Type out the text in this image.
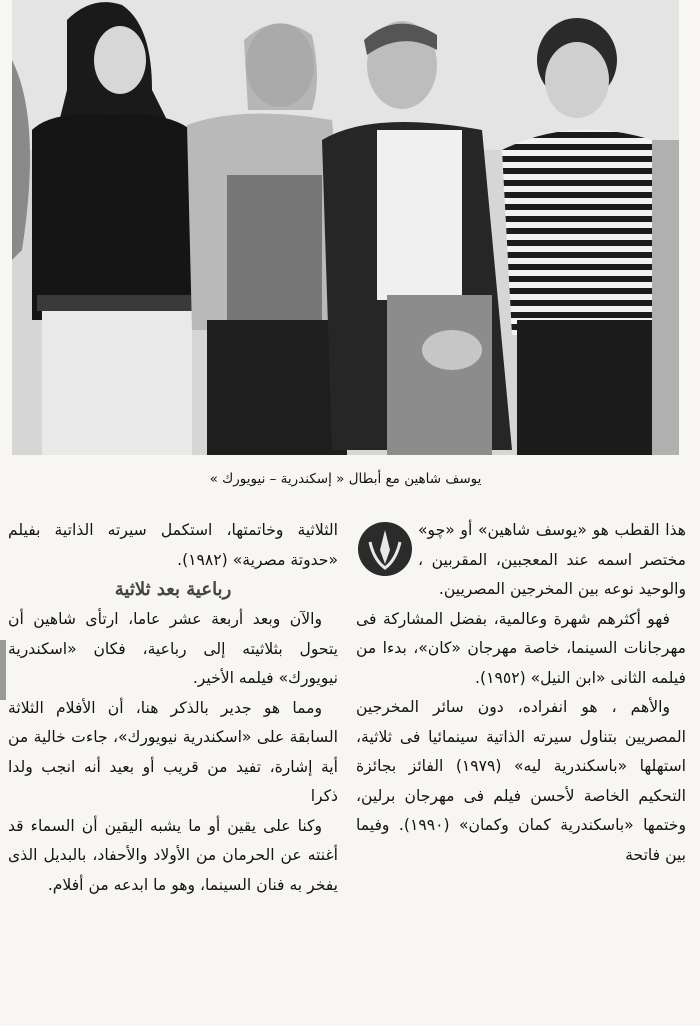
يوسف شاهين مع أبطال « إسكندرية – نيويورك »

هذا القطب هو «يوسف شاهين» أو «چو» مختصر اسمه عند المعجبين، المقربين ، والوحيد نوعه بين المخرجين المصريين.

فهو أكثرهم شهرة وعالمية، بفضل المشاركة فى مهرجانات السينما، خاصة مهرجان «كان»، بدءا من فيلمه الثانى «ابن النيل» (١٩٥٢).

والأهم ، هو انفراده، دون سائر المخرجين المصريين بتناول سيرته الذاتية سينمائيا فى ثلاثية، استهلها «باسكندرية ليه» (١٩٧٩) الفائز بجائزة التحكيم الخاصة لأحسن فيلم فى مهرجان برلين، وختمها «باسكندرية كمان وكمان» (١٩٩٠). وفيما بين فاتحة

الثلاثية وخاتمتها، استكمل سيرته الذاتية بفيلم «حدوتة مصرية» (١٩٨٢).

رباعية بعد ثلاثية

والآن وبعد أربعة عشر عاما، ارتأى شاهين أن يتحول بثلاثيته إلى رباعية، فكان «اسكندرية نيويورك» فيلمه الأخير.

ومما هو جدير بالذكر هنا، أن الأفلام الثلاثة السابقة على «اسكندرية نيويورك»، جاءت خالية من أية إشارة، تفيد من قريب أو بعيد أنه انجب ولدا ذكرا

وكنا على يقين أو ما يشبه اليقين أن السماء قد أغنته عن الحرمان من الأولاد والأحفاد، بالبديل الذى يفخر به فنان السينما، وهو ما ابدعه من أفلام.
